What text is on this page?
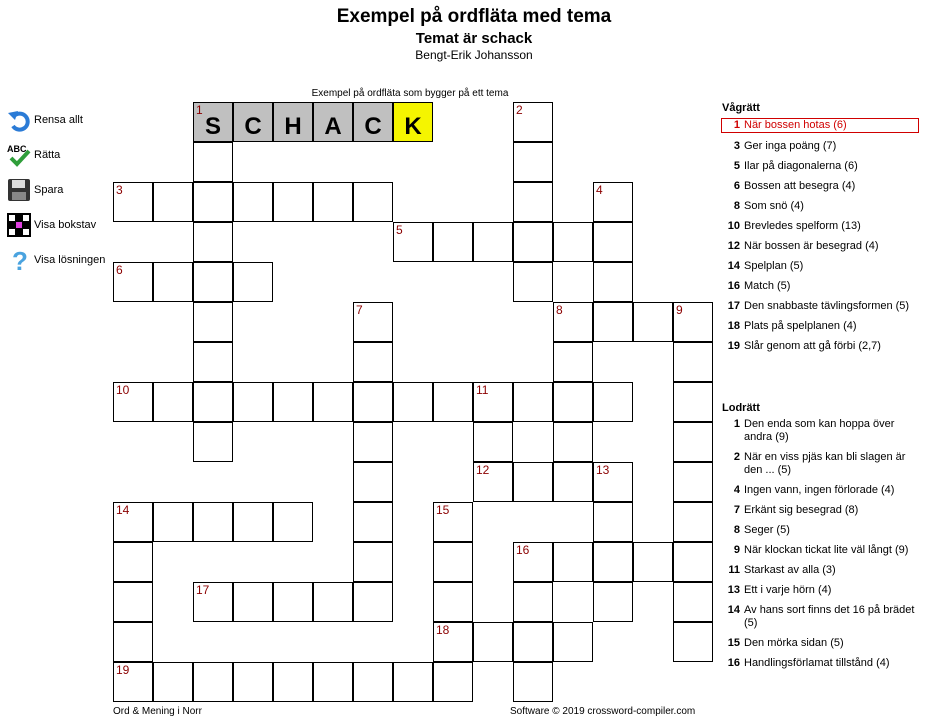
Exempel på ordfläta med tema
Temat är schack
Bengt-Erik Johansson
Exempel på ordfläta som bygger på ett tema
Rensa allt
ABC Rätta
Spara
Visa bokstav
? Visa lösningen
1
S C H A C K
3
5
6
8	9
10	11
12	13
14
16
17
18
19
2
4
7
15
Vågrätt
1 När bossen hotas (6)
3 Ger inga poäng (7)
5 Ilar på diagonalerna (6)
6 Bossen att besegra (4)
8 Som snö (4)
10 Brevledes spelform (13)
12 När bossen är besegrad (4)
14 Spelplan (5)
16 Match (5)
17 Den snabbaste tävlingsformen (5)
18 Plats på spelplanen (4)
19 Slår genom att gå förbi (2,7)
Lodrätt
1 Den enda som kan hoppa över andra (9)
2 När en viss pjäs kan bli slagen är den ... (5)
4 Ingen vann, ingen förlorade (4)
7 Erkänt sig besegrad (8)
8 Seger (5)
9 När klockan tickat lite väl långt (9)
11 Starkast av alla (3)
13 Ett i varje hörn (4)
14 Av hans sort finns det 16 på brädet (5)
15 Den mörka sidan (5)
16 Handlingsförlamat tillstånd (4)
Ord & Mening i Norr	Software © 2019 crossword-compiler.com
